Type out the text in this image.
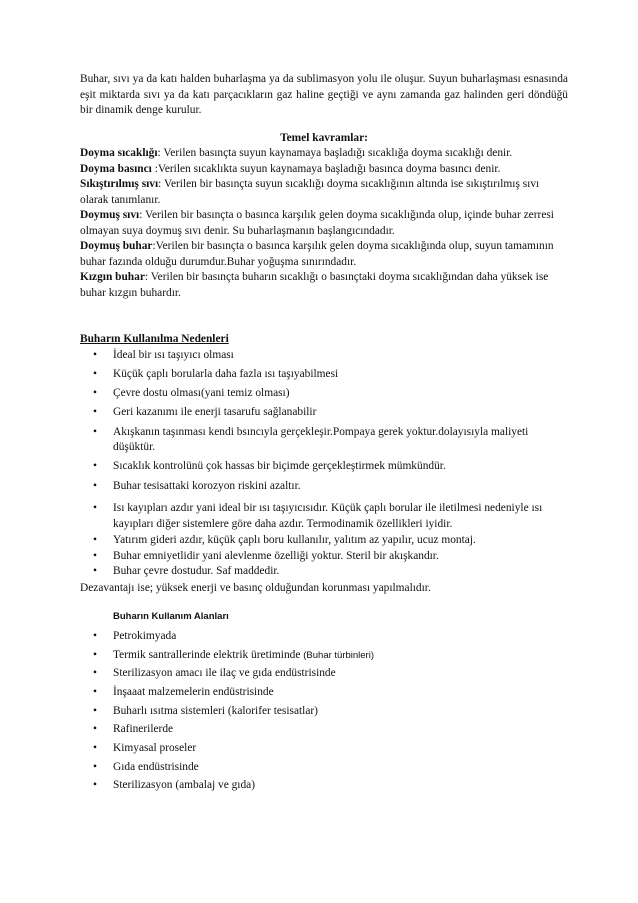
Buhar, sıvı ya da katı halden buharlaşma ya da sublimasyon yolu ile oluşur. Suyun buharlaşması esnasında eşit miktarda sıvı ya da katı parçacıkların gaz haline geçtiği ve aynı zamanda gaz halinden geri döndüğü bir dinamik denge kurulur.

Temel kavramlar:

Doyma sıcaklığı: Verilen basınçta suyun kaynamaya başladığı sıcaklığa doyma sıcaklığı denir.

Doyma basıncı :Verilen sıcaklıkta suyun kaynamaya başladığı basınca doyma basıncı denir.

Sıkıştırılmış sıvı: Verilen bir basınçta suyun sıcaklığı doyma sıcaklığının altında ise sıkıştırılmış sıvı olarak tanımlanır.

Doymuş sıvı: Verilen bir basınçta o basınca karşılık gelen doyma sıcaklığında olup, içinde buhar zerresi olmayan suya doymuş sıvı denir. Su buharlaşmanın başlangıcındadır.

Doymuş buhar:Verilen bir basınçta o basınca karşılık gelen doyma sıcaklığında olup, suyun tamamının buhar fazında olduğu durumdur.Buhar yoğuşma sınırındadır.

Kızgın buhar: Verilen bir basınçta buharın sıcaklığı o basınçtaki doyma sıcaklığından daha yüksek ise buhar kızgın buhardır.

Buharın Kullanılma Nedenleri

• İdeal bir ısı taşıyıcı olması
• Küçük çaplı borularla daha fazla ısı taşıyabilmesi
• Çevre dostu olması(yani temiz olması)
• Geri kazanımı ile enerji tasarufu sağlanabilir
• Akışkanın taşınması kendi bsıncıyla gerçekleşir.Pompaya gerek yoktur.dolayısıyla maliyeti düşüktür.
• Sıcaklık kontrolünü çok hassas bir biçimde gerçekleştirmek mümkündür.
• Buhar tesisattaki korozyon riskini azaltır.
• Isı kayıpları azdır yani ideal bir ısı taşıyıcısıdır. Küçük çaplı borular ile iletilmesi nedeniyle ısı kayıpları diğer sistemlere göre daha azdır. Termodinamik özellikleri iyidir.
• Yatırım gideri azdır, küçük çaplı boru kullanılır, yalıtım az yapılır, ucuz montaj.
• Buhar emniyetlidir yani alevlenme özelliği yoktur. Steril bir akışkandır.
• Buhar çevre dostudur. Saf maddedir.

Dezavantajı ise; yüksek enerji ve basınç olduğundan korunması yapılmalıdır.

Buharın Kullanım Alanları

• Petrokimyada
• Termik santrallerinde elektrik üretiminde (Buhar türbinleri)
• Sterilizasyon amacı ile ilaç ve gıda endüstrisinde
• İnşaaat malzemelerin endüstrisinde
• Buharlı ısıtma sistemleri (kalorifer tesisatlar)
• Rafinerilerde
• Kimyasal proseler
• Gıda endüstrisinde
• Sterilizasyon (ambalaj ve gıda)
